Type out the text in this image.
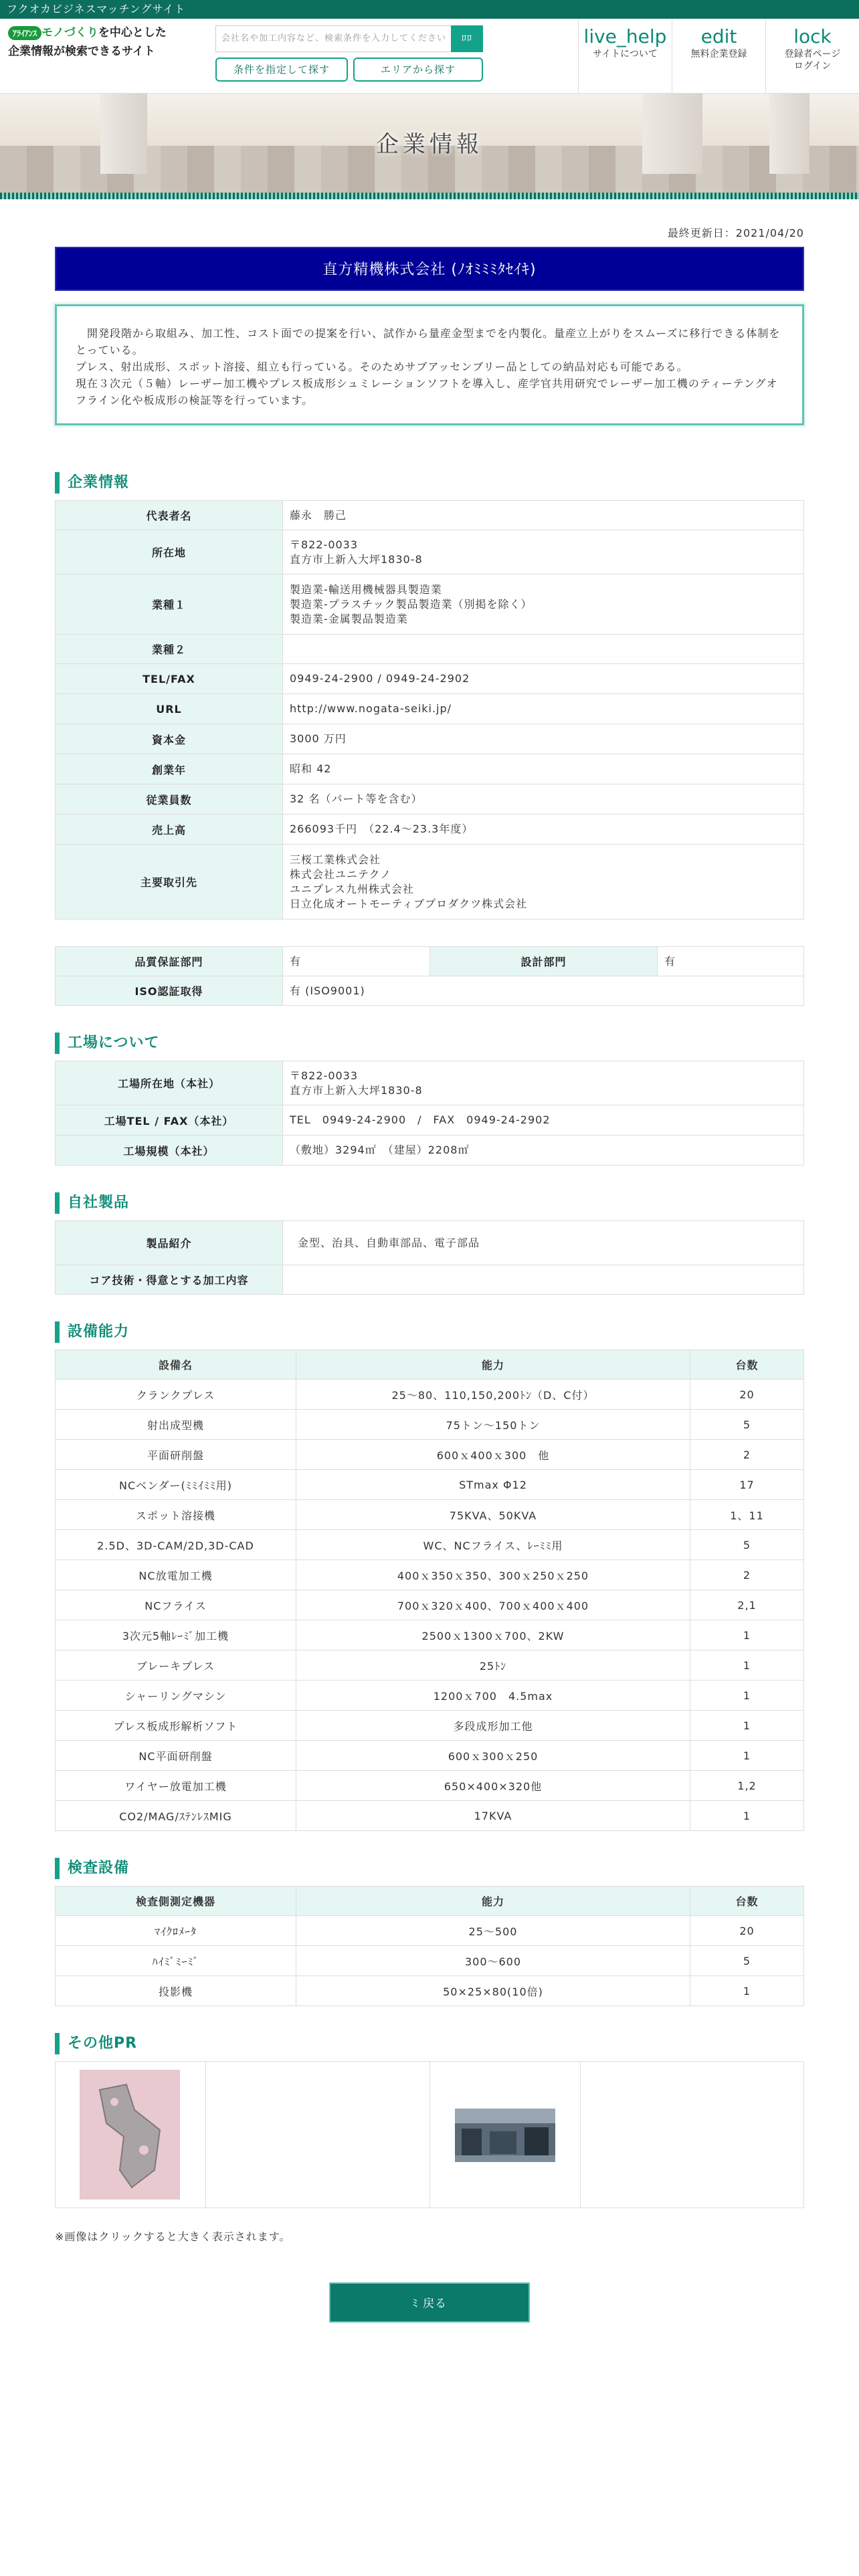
フクオカビジネスマッチングサイト
ｱﾗｲｱﾝｽ モノづくりを中心とした
企業情報が検索できるサイト
会社名や加工内容など、検索条件を入力してください	ﾛﾛ
条件を指定して探す	エリアから探す
live_help
サイトについて
edit
無料企業登録
lock
登録者ページ
ログイン
企業情報
最終更新日：2021/04/20
直方精機株式会社 (ﾉｵﾐﾐﾐﾀｾｲｷ)

　開発段階から取組み、加工性、コスト面での提案を行い、試作から量産金型までを内製化。量産立上がりをスムーズに移行できる体制をとっている。

プレス、射出成形、スポット溶接、組立も行っている。そのためサブアッセンブリー品としての納品対応も可能である。

現在３次元（５軸）レーザー加工機やプレス板成形シュミレーションソフトを導入し、産学官共用研究でレーザー加工機のティーテングオフライン化や板成形の検証等を行っています。

企業情報
代表者名	藤永　勝己
所在地	〒822-0033
直方市上新入大坪1830-8
業種１	製造業-輸送用機械器具製造業
製造業-プラスチック製品製造業（別掲を除く）
製造業-金属製品製造業
業種２	
TEL/FAX	0949-24-2900 / 0949-24-2902
URL	http://www.nogata-seiki.jp/
資本金	3000 万円
創業年	昭和 42
従業員数	32 名（パート等を含む）
売上高	266093千円　（22.4～23.3年度）
主要取引先	三桜工業株式会社
株式会社ユニテクノ
ユニプレス九州株式会社
日立化成オートモーティブプロダクツ株式会社
品質保証部門	有	設計部門	有
ISO認証取得	有 (ISO9001)		
工場について
工場所在地（本社）	〒822-0033
直方市上新入大坪1830-8
工場TEL / FAX（本社）	TEL　0949-24-2900　/　FAX　0949-24-2902
工場規模（本社）	（敷地）3294㎡　（建屋）2208㎡
自社製品
製品紹介	金型、治具、自動車部品、電子部品
コア技術・得意とする加工内容	
設備能力
設備名	能力	台数
クランクプレス	25～80、110,150,200ﾄﾝ（D、C付）	20
射出成型機	75トン～150トン	5
平面研削盤	600ｘ400ｘ300　他	2
NCベンダー(ﾐﾐｲﾐﾐ用)	STmax Φ12	17
スポット溶接機	75KVA、50KVA	1、11
2.5D、3D-CAM/2D,3D-CAD	WC、NCフライス、ﾚｰﾐﾐ用	5
NC放電加工機	400ｘ350ｘ350、300ｘ250ｘ250	2
NCフライス	700ｘ320ｘ400、700ｘ400ｘ400	2,1
3次元5軸ﾚｰﾐﾞ加工機	2500ｘ1300ｘ700、2KW	1
ブレーキプレス	25ﾄﾝ	1
シャーリングマシン	1200ｘ700　4.5max	1
プレス板成形解析ソフト	多段成形加工他	1
NC平面研削盤	600ｘ300ｘ250	1
ワイヤー放電加工機	650×400×320他	1,2
CO2/MAG/ｽﾃﾝﾚｽMIG	17KVA	1
検査設備
検査側測定機器	能力	台数
ﾏｲｸﾛﾒｰﾀ	25～500	20
ﾊｲﾐﾞﾐｰﾐﾞ	300～600	5
投影機	50×25×80(10倍)	1
その他PR
※画像はクリックすると大きく表示されます。
ﾐ 戻る
